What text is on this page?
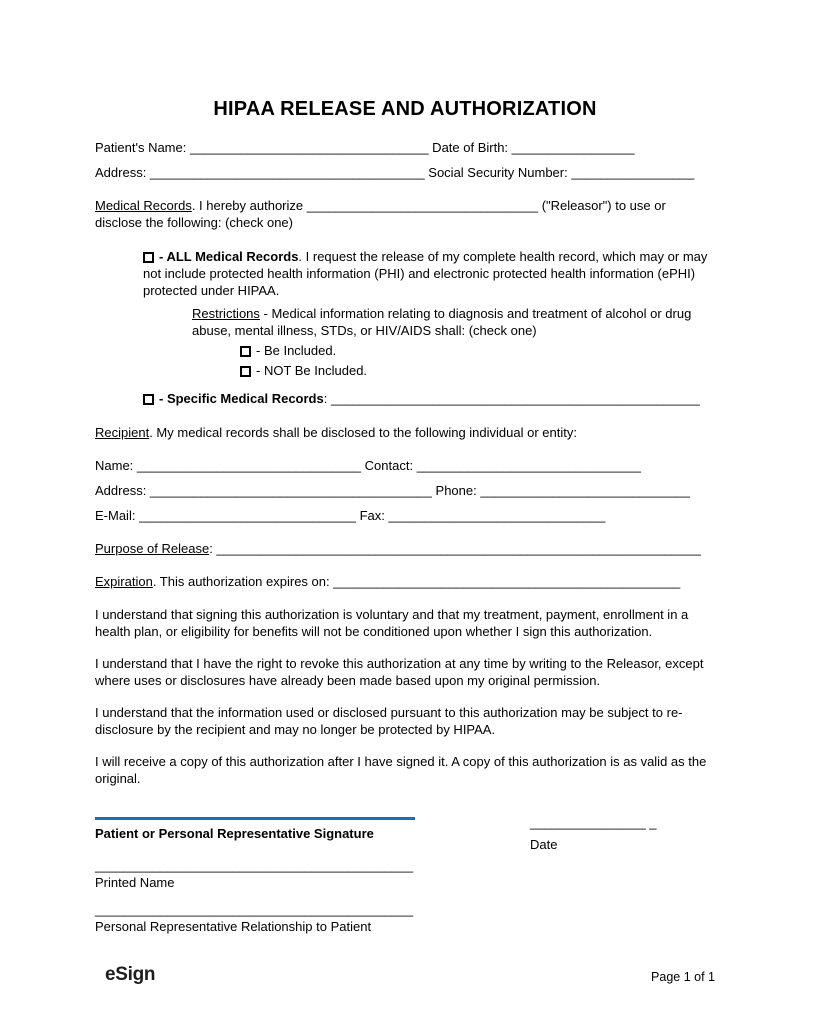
HIPAA RELEASE AND AUTHORIZATION

Patient's Name: _________________________________ Date of Birth: _________________

Address: ______________________________________ Social Security Number: _________________

Medical Records. I hereby authorize ________________________________ ("Releasor") to use or disclose the following: (check one)

- ALL Medical Records. I request the release of my complete health record, which may or may not include protected health information (PHI) and electronic protected health information (ePHI) protected under HIPAA.

Restrictions - Medical information relating to diagnosis and treatment of alcohol or drug abuse, mental illness, STDs, or HIV/AIDS shall: (check one)

- Be Included.

- NOT Be Included.

- Specific Medical Records: ___________________________________________________

Recipient. My medical records shall be disclosed to the following individual or entity:

Name: _______________________________ Contact: _______________________________

Address: _______________________________________ Phone: _____________________________

E-Mail: ______________________________ Fax: ______________________________

Purpose of Release: ___________________________________________________________________

Expiration. This authorization expires on: ________________________________________________

I understand that signing this authorization is voluntary and that my treatment, payment, enrollment in a health plan, or eligibility for benefits will not be conditioned upon whether I sign this authorization.

I understand that I have the right to revoke this authorization at any time by writing to the Releasor, except where uses or disclosures have already been made based upon my original permission.

I understand that the information used or disclosed pursuant to this authorization may be subject to re-disclosure by the recipient and may no longer be protected by HIPAA.

I will receive a copy of this authorization after I have signed it. A copy of this authorization is as valid as the original.

Patient or Personal Representative Signature
________________ _
Date
____________________________________________
Printed Name
____________________________________________
Personal Representative Relationship to Patient
eSign	Page 1 of 1
